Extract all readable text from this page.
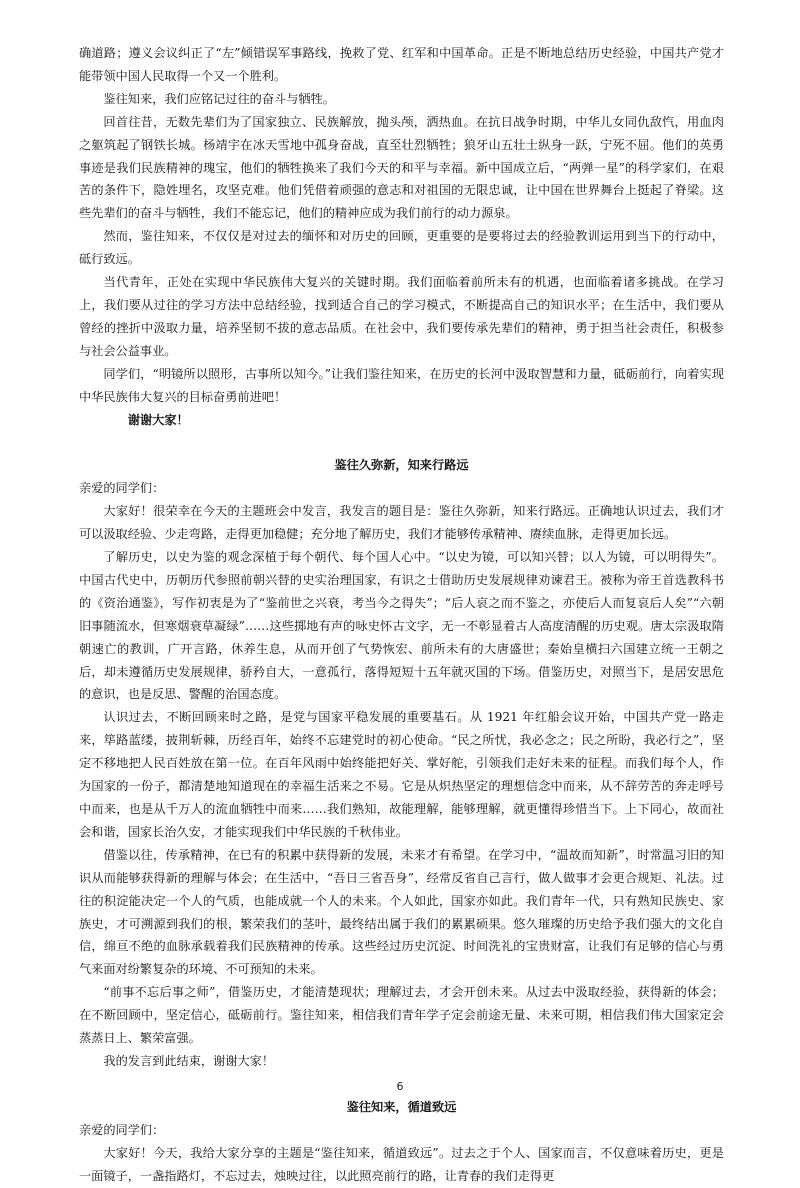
确道路；遵义会议纠正了“左”倾错误军事路线，挽救了党、红军和中国革命。正是不断地总结历史经验，中国共产党才能带领中国人民取得一个又一个胜利。

鉴往知来，我们应铭记过往的奋斗与牺牲。

回首往昔，无数先辈们为了国家独立、民族解放，抛头颅，洒热血。在抗日战争时期，中华儿女同仇敌忾，用血肉之躯筑起了钢铁长城。杨靖宇在冰天雪地中孤身奋战，直至壮烈牺牲；狼牙山五壮士纵身一跃，宁死不屈。他们的英勇事迹是我们民族精神的瑰宝，他们的牺牲换来了我们今天的和平与幸福。新中国成立后，“两弹一星”的科学家们，在艰苦的条件下，隐姓埋名，攻坚克难。他们凭借着顽强的意志和对祖国的无限忠诚，让中国在世界舞台上挺起了脊梁。这些先辈们的奋斗与牺牲，我们不能忘记，他们的精神应成为我们前行的动力源泉。

然而，鉴往知来，不仅仅是对过去的缅怀和对历史的回顾，更重要的是要将过去的经验教训运用到当下的行动中，砥行致远。

当代青年，正处在实现中华民族伟大复兴的关键时期。我们面临着前所未有的机遇，也面临着诸多挑战。在学习上，我们要从过往的学习方法中总结经验，找到适合自己的学习模式，不断提高自己的知识水平；在生活中，我们要从曾经的挫折中汲取力量，培养坚韧不拔的意志品质。在社会中，我们要传承先辈们的精神，勇于担当社会责任，积极参与社会公益事业。

同学们，“明镜所以照形，古事所以知今。”让我们鉴往知来，在历史的长河中汲取智慧和力量，砥砺前行，向着实现中华民族伟大复兴的目标奋勇前进吧！

谢谢大家！

鉴往久弥新，知来行路远

亲爱的同学们：

大家好！很荣幸在今天的主题班会中发言，我发言的题目是：鉴往久弥新，知来行路远。正确地认识过去，我们才可以汲取经验、少走弯路，走得更加稳健；充分地了解历史，我们才能够传承精神、赓续血脉，走得更加长远。

了解历史，以史为鉴的观念深植于每个朝代、每个国人心中。“以史为镜，可以知兴替；以人为镜，可以明得失”。中国古代史中，历朝历代参照前朝兴替的史实治理国家，有识之士借助历史发展规律劝谏君王。被称为帝王首选教科书的《资治通鉴》，写作初衷是为了“鉴前世之兴衰，考当今之得失”；“后人哀之而不鉴之，亦使后人而复哀后人矣”“六朝旧事随流水，但寒烟衰草凝绿”……这些掷地有声的咏史怀古文字，无一不彰显着古人高度清醒的历史观。唐太宗汲取隋朝速亡的教训，广开言路，休养生息，从而开创了气势恢宏、前所未有的大唐盛世；秦始皇横扫六国建立统一王朝之后，却未遵循历史发展规律，骄矜自大，一意孤行，落得短短十五年就灭国的下场。借鉴历史，对照当下，是居安思危的意识，也是反思、警醒的治国态度。

认识过去，不断回顾来时之路，是党与国家平稳发展的重要基石。从 1921 年红船会议开始，中国共产党一路走来，筚路蓝缕，披荆斩棘，历经百年，始终不忘建党时的初心使命。“民之所忧，我必念之；民之所盼，我必行之”，坚定不移地把人民百姓放在第一位。在百年风雨中始终能把好关、掌好舵，引领我们走好未来的征程。而我们每个人，作为国家的一份子，都清楚地知道现在的幸福生活来之不易。它是从炽热坚定的理想信念中而来，从不辞劳苦的奔走呼号中而来，也是从千万人的流血牺牲中而来……我们熟知，故能理解，能够理解，就更懂得珍惜当下。上下同心，故而社会和谐，国家长治久安，才能实现我们中华民族的千秋伟业。

借鉴以往，传承精神，在已有的积累中获得新的发展，未来才有希望。在学习中，“温故而知新”，时常温习旧的知识从而能够获得新的理解与体会；在生活中，“吾日三省吾身”，经常反省自己言行，做人做事才会更合规矩、礼法。过往的积淀能决定一个人的气质，也能成就一个人的未来。个人如此，国家亦如此。我们青年一代，只有熟知民族史、家族史，才可溯源到我们的根，繁荣我们的茎叶，最终结出属于我们的累累硕果。悠久璀璨的历史给予我们强大的文化自信，绵亘不绝的血脉承载着我们民族精神的传承。这些经过历史沉淀、时间洗礼的宝贵财富，让我们有足够的信心与勇气来面对纷繁复杂的环境、不可预知的未来。

“前事不忘后事之师”，借鉴历史，才能清楚现状；理解过去，才会开创未来。从过去中汲取经验，获得新的体会；在不断回顾中，坚定信心，砥砺前行。鉴往知来，相信我们青年学子定会前途无量、未来可期，相信我们伟大国家定会蒸蒸日上、繁荣富强。

我的发言到此结束，谢谢大家！

鉴往知来，循道致远

亲爱的同学们：

大家好！今天，我给大家分享的主题是“鉴往知来，循道致远”。过去之于个人、国家而言，不仅意味着历史，更是一面镜子，一盏指路灯，不忘过去，烛映过往，以此照亮前行的路，让青春的我们走得更

6
